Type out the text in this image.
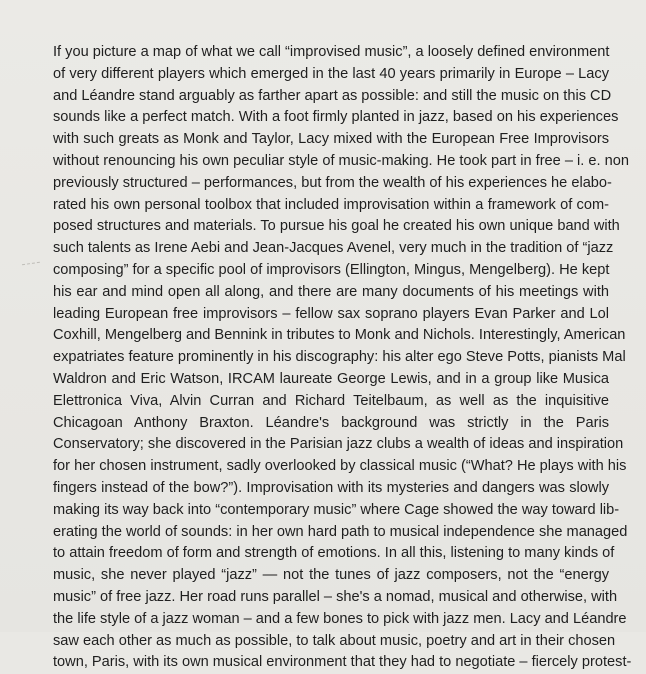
If you picture a map of what we call “improvised music”, a loosely defined environment
of very different players which emerged in the last 40 years primarily in Europe – Lacy
and Léandre stand arguably as farther apart as possible: and still the music on this CD
sounds like a perfect match. With a foot firmly planted in jazz, based on his experiences
with such greats as Monk and Taylor, Lacy mixed with the European Free Improvisors
without renouncing his own peculiar style of music-making. He took part in free – i. e. non
previously structured – performances, but from the wealth of his experiences he elabo-
rated his own personal toolbox that included improvisation within a framework of com-
posed structures and materials. To pursue his goal he created his own unique band with
such talents as Irene Aebi and Jean-Jacques Avenel, very much in the tradition of “jazz
composing” for a specific pool of improvisors (Ellington, Mingus, Mengelberg). He kept
his ear and mind open all along, and there are many documents of his meetings with
leading European free improvisors – fellow sax soprano players Evan Parker and Lol
Coxhill, Mengelberg and Bennink in tributes to Monk and Nichols. Interestingly, American
expatriates feature prominently in his discography: his alter ego Steve Potts, pianists Mal
Waldron and Eric Watson, IRCAM laureate George Lewis, and in a group like Musica
Elettronica Viva, Alvin Curran and Richard Teitelbaum, as well as the inquisitive
Chicagoan Anthony Braxton. Léandre's background was strictly in the Paris
Conservatory; she discovered in the Parisian jazz clubs a wealth of ideas and inspiration
for her chosen instrument, sadly overlooked by classical music (“What? He plays with his
fingers instead of the bow?”). Improvisation with its mysteries and dangers was slowly
making its way back into “contemporary music” where Cage showed the way toward lib-
erating the world of sounds: in her own hard path to musical independence she managed
to attain freedom of form and strength of emotions. In all this, listening to many kinds of
music, she never played “jazz” — not the tunes of jazz composers, not the “energy
music” of free jazz. Her road runs parallel – she's a nomad, musical and otherwise, with
the life style of a jazz woman – and a few bones to pick with jazz men. Lacy and Léandre
saw each other as much as possible, to talk about music, poetry and art in their chosen
town, Paris, with its own musical environment that they had to negotiate – fiercely protest-
